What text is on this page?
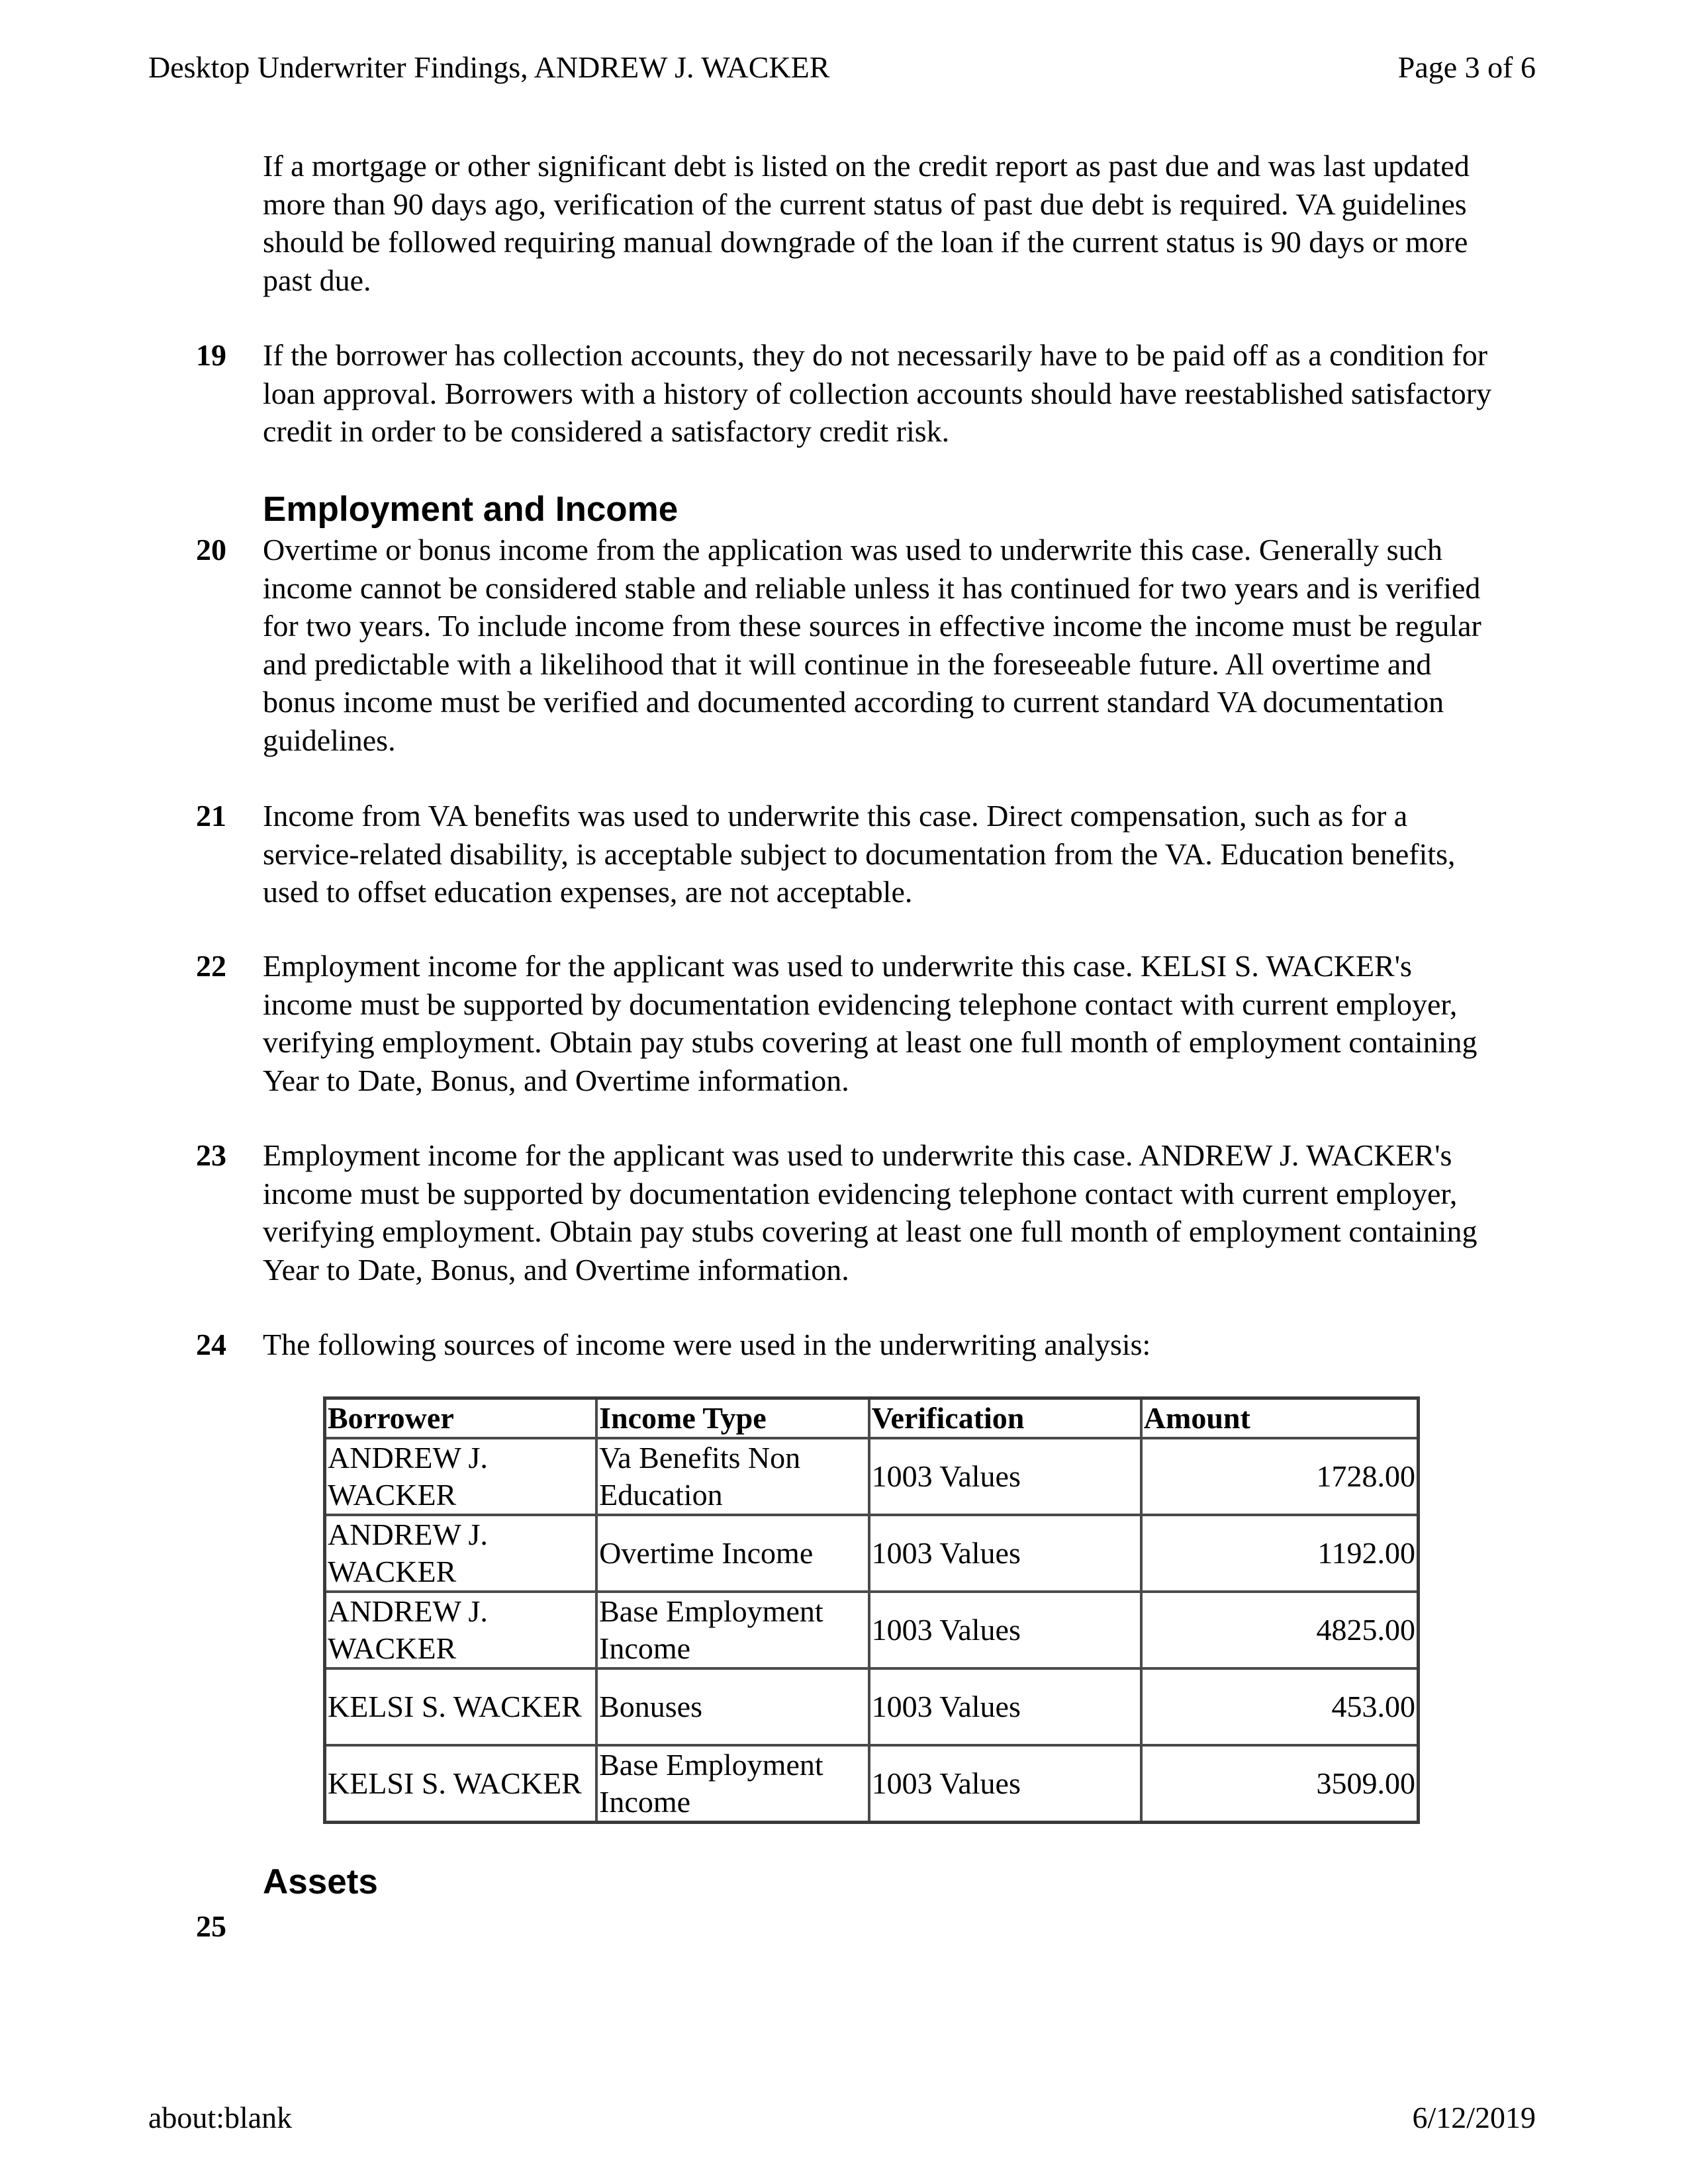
Desktop Underwriter Findings, ANDREW J. WACKER	Page 3 of 6

If a mortgage or other significant debt is listed on the credit report as past due and was last updated more than 90 days ago, verification of the current status of past due debt is required. VA guidelines should be followed requiring manual downgrade of the loan if the current status is 90 days or more past due.

19 If the borrower has collection accounts, they do not necessarily have to be paid off as a condition for loan approval. Borrowers with a history of collection accounts should have reestablished satisfactory credit in order to be considered a satisfactory credit risk.

Employment and Income
20 Overtime or bonus income from the application was used to underwrite this case. Generally such income cannot be considered stable and reliable unless it has continued for two years and is verified for two years. To include income from these sources in effective income the income must be regular and predictable with a likelihood that it will continue in the foreseeable future. All overtime and bonus income must be verified and documented according to current standard VA documentation guidelines.

21 Income from VA benefits was used to underwrite this case. Direct compensation, such as for a service-related disability, is acceptable subject to documentation from the VA. Education benefits, used to offset education expenses, are not acceptable.

22 Employment income for the applicant was used to underwrite this case. KELSI S. WACKER's income must be supported by documentation evidencing telephone contact with current employer, verifying employment. Obtain pay stubs covering at least one full month of employment containing Year to Date, Bonus, and Overtime information.

23 Employment income for the applicant was used to underwrite this case. ANDREW J. WACKER's income must be supported by documentation evidencing telephone contact with current employer, verifying employment. Obtain pay stubs covering at least one full month of employment containing Year to Date, Bonus, and Overtime information.

24 The following sources of income were used in the underwriting analysis:

Borrower	Income Type	Verification	Amount
ANDREW J. WACKER	Va Benefits Non Education	1003 Values	1728.00
ANDREW J. WACKER	Overtime Income	1003 Values	1192.00
ANDREW J. WACKER	Base Employment Income	1003 Values	4825.00
KELSI S. WACKER	Bonuses	1003 Values	453.00
KELSI S. WACKER	Base Employment Income	1003 Values	3509.00
Assets
25
about:blank	6/12/2019
